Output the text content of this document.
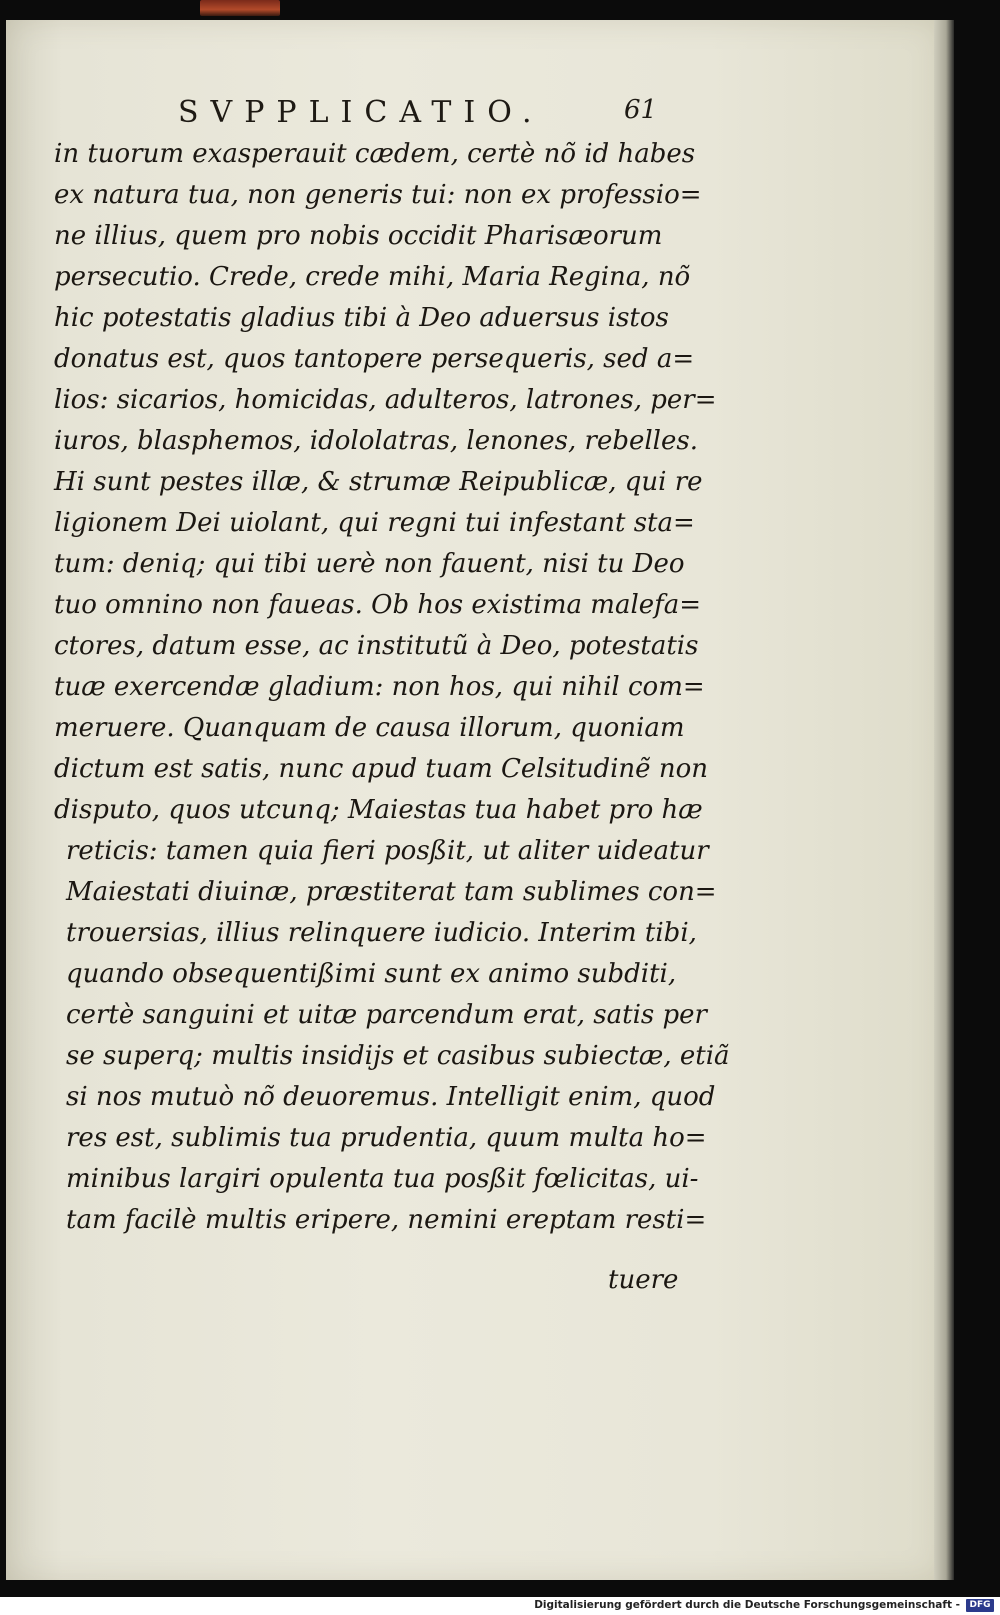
SVPPLICATIO.	61
in tuorum exasperauit cædem, certè nõ id habes
ex natura tua, non generis tui: non ex professio=
ne illius, quem pro nobis occidit Pharisæorum
persecutio. Crede, crede mihi, Maria Regina, nõ
hic potestatis gladius tibi à Deo aduersus istos
donatus est, quos tantopere persequeris, sed a=
lios: sicarios, homicidas, adulteros, latrones, per=
iuros, blasphemos, idololatras, lenones, rebelles.
Hi sunt pestes illæ, & strumæ Reipublicæ, qui re
ligionem Dei uiolant, qui regni tui infestant sta=
tum: deniq; qui tibi uerè non fauent, nisi tu Deo
tuo omnino non faueas. Ob hos existima malefa=
ctores, datum esse, ac institutũ à Deo, potestatis
tuæ exercendæ gladium: non hos, qui nihil com=
meruere. Quanquam de causa illorum, quoniam
dictum est satis, nunc apud tuam Celsitudinẽ non
disputo, quos utcunq; Maiestas tua habet pro hæ
reticis: tamen quia fieri posßit, ut aliter uideatur
Maiestati diuinæ, præstiterat tam sublimes con=
trouersias, illius relinquere iudicio. Interim tibi,
quando obsequentißimi sunt ex animo subditi,
certè sanguini et uitæ parcendum erat, satis per
se superq; multis insidijs et casibus subiectæ, etiã
si nos mutuò nõ deuoremus. Intelligit enim, quod
res est, sublimis tua prudentia, quum multa ho=
minibus largiri opulenta tua posßit fœlicitas, ui-
tam facilè multis eripere, nemini ereptam resti=
tuere
Digitalisierung gefördert durch die Deutsche Forschungsgemeinschaft -	DFG
